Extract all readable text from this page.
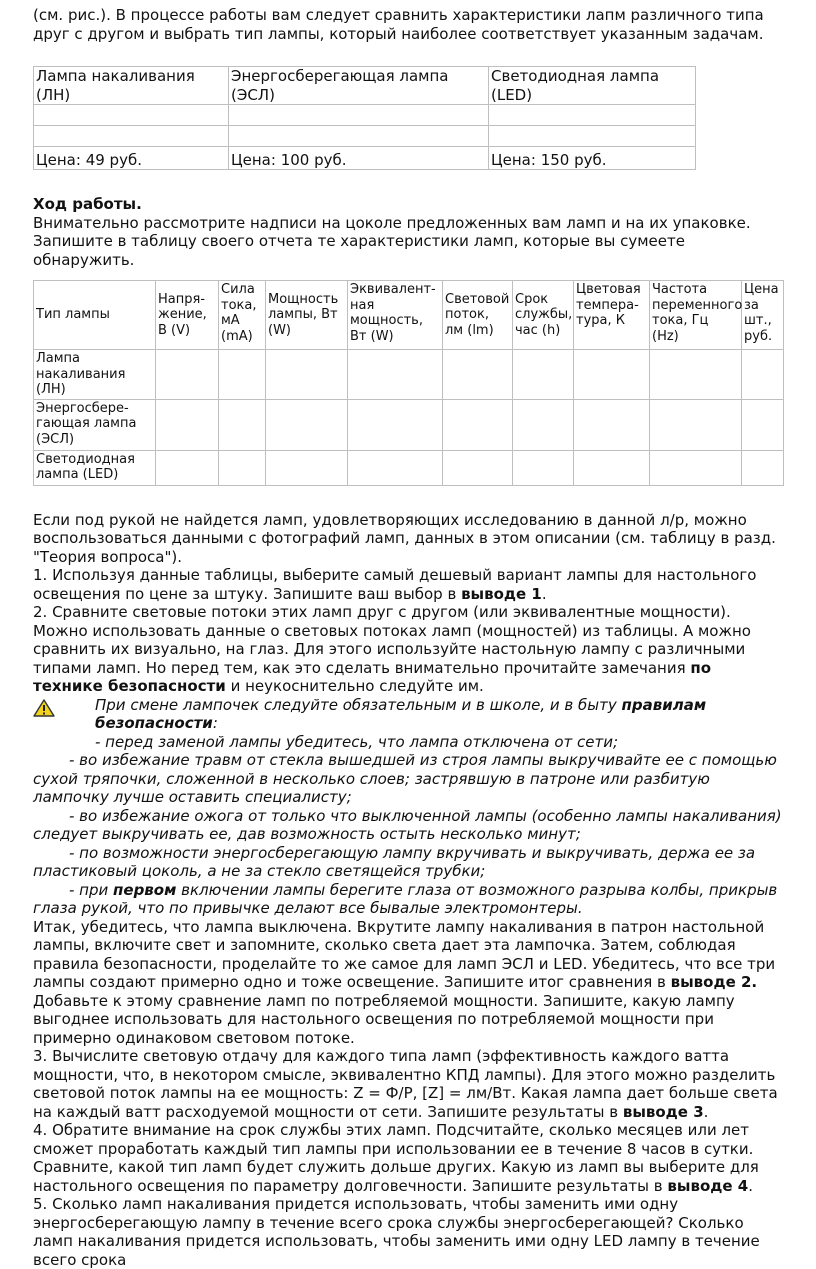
(см. рис.). В процессе работы вам следует сравнить характеристики лапм различного типа друг с другом и выбрать тип лампы, который наиболее соответствует указанным задачам.

Лампа накаливания (ЛН)	Энергосберегающая лампа (ЭСЛ)	Светодиодная лампа (LED)

Цена: 49 руб.	Цена: 100 руб.	Цена: 150 руб.

Ход работы.

Внимательно рассмотрите надписи на цоколе предложенных вам ламп и на их упаковке. Запишите в таблицу своего отчета те характеристики ламп, которые вы сумеете обнаружить.

Тип лампы	Напря-жение, В (V)	Сила тока, мА (mA)	Мощность лампы, Вт (W)	Эквивалент-ная мощность, Вт (W)	Световой поток, лм (lm)	Срок службы, час (h)	Цветовая темпера-тура, К	Частота переменного тока, Гц (Hz)	Цена за шт., руб.
Лампа накаливания (ЛН)									
Энергосбере-гающая лампа (ЭСЛ)									
Светодиодная лампа (LED)									

Если под рукой не найдется ламп, удовлетворяющих исследованию в данной л/р, можно воспользоваться данными с фотографий ламп, данных в этом описании (см. таблицу в разд. "Теория вопроса").

1. Используя данные таблицы, выберите самый дешевый вариант лампы для настольного освещения по цене за штуку. Запишите ваш выбор в выводе 1.

2. Сравните световые потоки этих ламп друг с другом (или эквивалентные мощности). Можно использовать данные о световых потоках ламп (мощностей) из таблицы. А можно сравнить их визуально, на глаз. Для этого используйте настольную лампу с различными типами ламп. Но перед тем, как это сделать внимательно прочитайте замечания по технике безопасности и неукоснительно следуйте им.

При смене лампочек следуйте обязательным и в школе, и в быту правилам безопасности:

- перед заменой лампы убедитесь, что лампа отключена от сети;

- во избежание травм от стекла вышедшей из строя лампы выкручивайте ее с помощью сухой тряпочки, сложенной в несколько слоев; застрявшую в патроне или разбитую лампочку лучше оставить специалисту;

- во избежание ожога от только что выключенной лампы (особенно лампы накаливания) следует выкручивать ее, дав возможность остыть несколько минут;

- по возможности энергосберегающую лампу вкручивать и выкручивать, держа ее за пластиковый цоколь, а не за стекло светящейся трубки;

- при первом включении лампы берегите глаза от возможного разрыва колбы, прикрыв глаза рукой, что по привычке делают все бывалые электромонтеры.

Итак, убедитесь, что лампа выключена. Вкрутите лампу накаливания в патрон настольной лампы, включите свет и запомните, сколько света дает эта лампочка. Затем, соблюдая правила безопасности, проделайте то же самое для ламп ЭСЛ и LED. Убедитесь, что все три лампы создают примерно одно и тоже освещение. Запишите итог сравнения в выводе 2.

Добавьте к этому сравнение ламп по потребляемой мощности. Запишите, какую лампу выгоднее использовать для настольного освещения по потребляемой мощности при примерно одинаковом световом потоке.

3. Вычислите световую отдачу для каждого типа ламп (эффективность каждого ватта мощности, что, в некотором смысле, эквивалентно КПД лампы). Для этого можно разделить световой поток лампы на ее мощность: Z = Ф/P, [Z] = лм/Вт. Какая лампа дает больше света на каждый ватт расходуемой мощности от сети. Запишите результаты в выводе 3.

4. Обратите внимание на срок службы этих ламп. Подсчитайте, сколько месяцев или лет сможет проработать каждый тип лампы при использовании ее в течение 8 часов в сутки. Сравните, какой тип ламп будет служить дольше других. Какую из ламп вы выберите для настольного освещения по параметру долговечности. Запишите результаты в выводе 4.

5. Сколько ламп накаливания придется использовать, чтобы заменить ими одну энергосберегающую лампу в течение всего срока службы энергосберегающей? Сколько ламп накаливания придется использовать, чтобы заменить ими одну LED лампу в течение всего срока
